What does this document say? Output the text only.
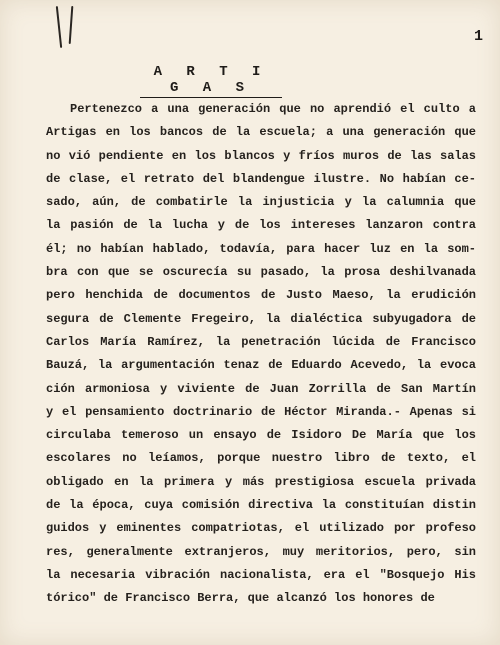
1
A R T I G A S
Pertenezco a una generación que no aprendió el culto a
Artigas en los bancos de la escuela; a una generación que
no vió pendiente en los blancos y fríos muros de las salas
de clase, el retrato del blandengue ilustre. No habían ce-
sado, aún, de combatirle la injusticia y la calumnia que
la pasión de la lucha y de los intereses lanzaron contra
él; no habían hablado, todavía, para hacer luz en la som-
bra con que se oscurecía su pasado, la prosa deshilvanada
pero henchida de documentos de Justo Maeso, la erudición
segura de Clemente Fregeiro, la dialéctica subyugadora de
Carlos María Ramírez, la penetración lúcida de Francisco
Bauzá, la argumentación tenaz de Eduardo Acevedo, la evoca
ción armoniosa y viviente de Juan Zorrilla de San Martín
y el pensamiento doctrinario de Héctor Miranda.- Apenas si
circulaba temeroso un ensayo de Isidoro De María que los
escolares no leíamos, porque nuestro libro de texto, el
obligado en la primera y más prestigiosa escuela privada
de la época, cuya comisión directiva la constituían distin
guidos y eminentes compatriotas, el utilizado por profeso
res, generalmente extranjeros, muy meritorios, pero, sin
la necesaria vibración nacionalista, era el "Bosquejo His
tórico" de Francisco Berra, que alcanzó los honores de
